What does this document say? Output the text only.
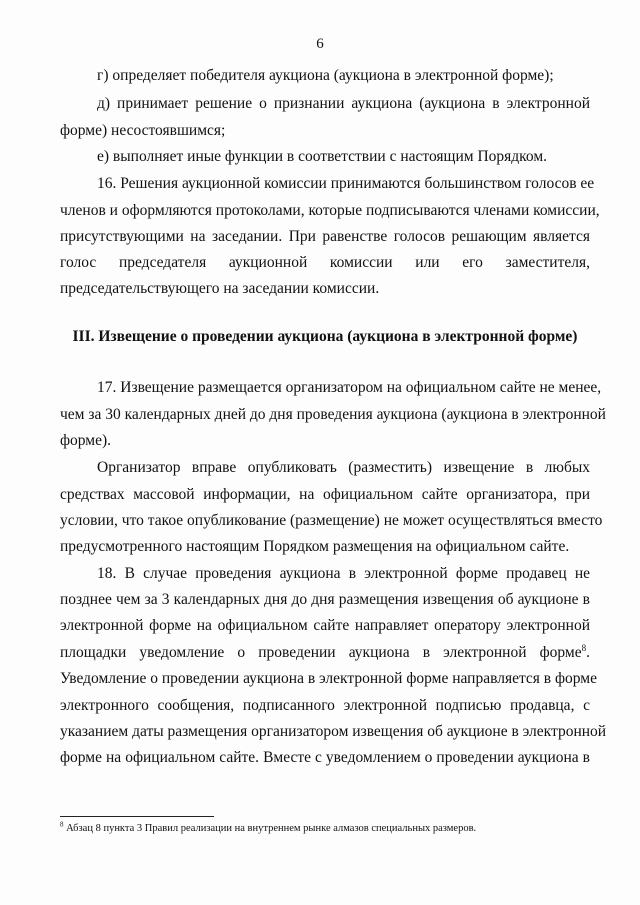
6
г) определяет победителя аукциона (аукциона в электронной форме);
д) принимает решение о признании аукциона (аукциона в электронной
форме) несостоявшимся;
е) выполняет иные функции в соответствии с настоящим Порядком.
16. Решения аукционной комиссии принимаются большинством голосов ее
членов и оформляются протоколами, которые подписываются членами комиссии,
присутствующими на заседании. При равенстве голосов решающим является
голос председателя аукционной комиссии или его заместителя,
председательствующего на заседании комиссии.
III. Извещение о проведении аукциона (аукциона в электронной форме)
17. Извещение размещается организатором на официальном сайте не менее,
чем за 30 календарных дней до дня проведения аукциона (аукциона в электронной
форме).
Организатор вправе опубликовать (разместить) извещение в любых
средствах массовой информации, на официальном сайте организатора, при
условии, что такое опубликование (размещение) не может осуществляться вместо
предусмотренного настоящим Порядком размещения на официальном сайте.
18. В случае проведения аукциона в электронной форме продавец не
позднее чем за 3 календарных дня до дня размещения извещения об аукционе в
электронной форме на официальном сайте направляет оператору электронной
площадки уведомление о проведении аукциона в электронной форме$^8$.
Уведомление о проведении аукциона в электронной форме направляется в форме
электронного сообщения, подписанного электронной подписью продавца, с
указанием даты размещения организатором извещения об аукционе в электронной
форме на официальном сайте. Вместе с уведомлением о проведении аукциона в
$^8$ Абзац 8 пункта 3 Правил реализации на внутреннем рынке алмазов специальных размеров.
